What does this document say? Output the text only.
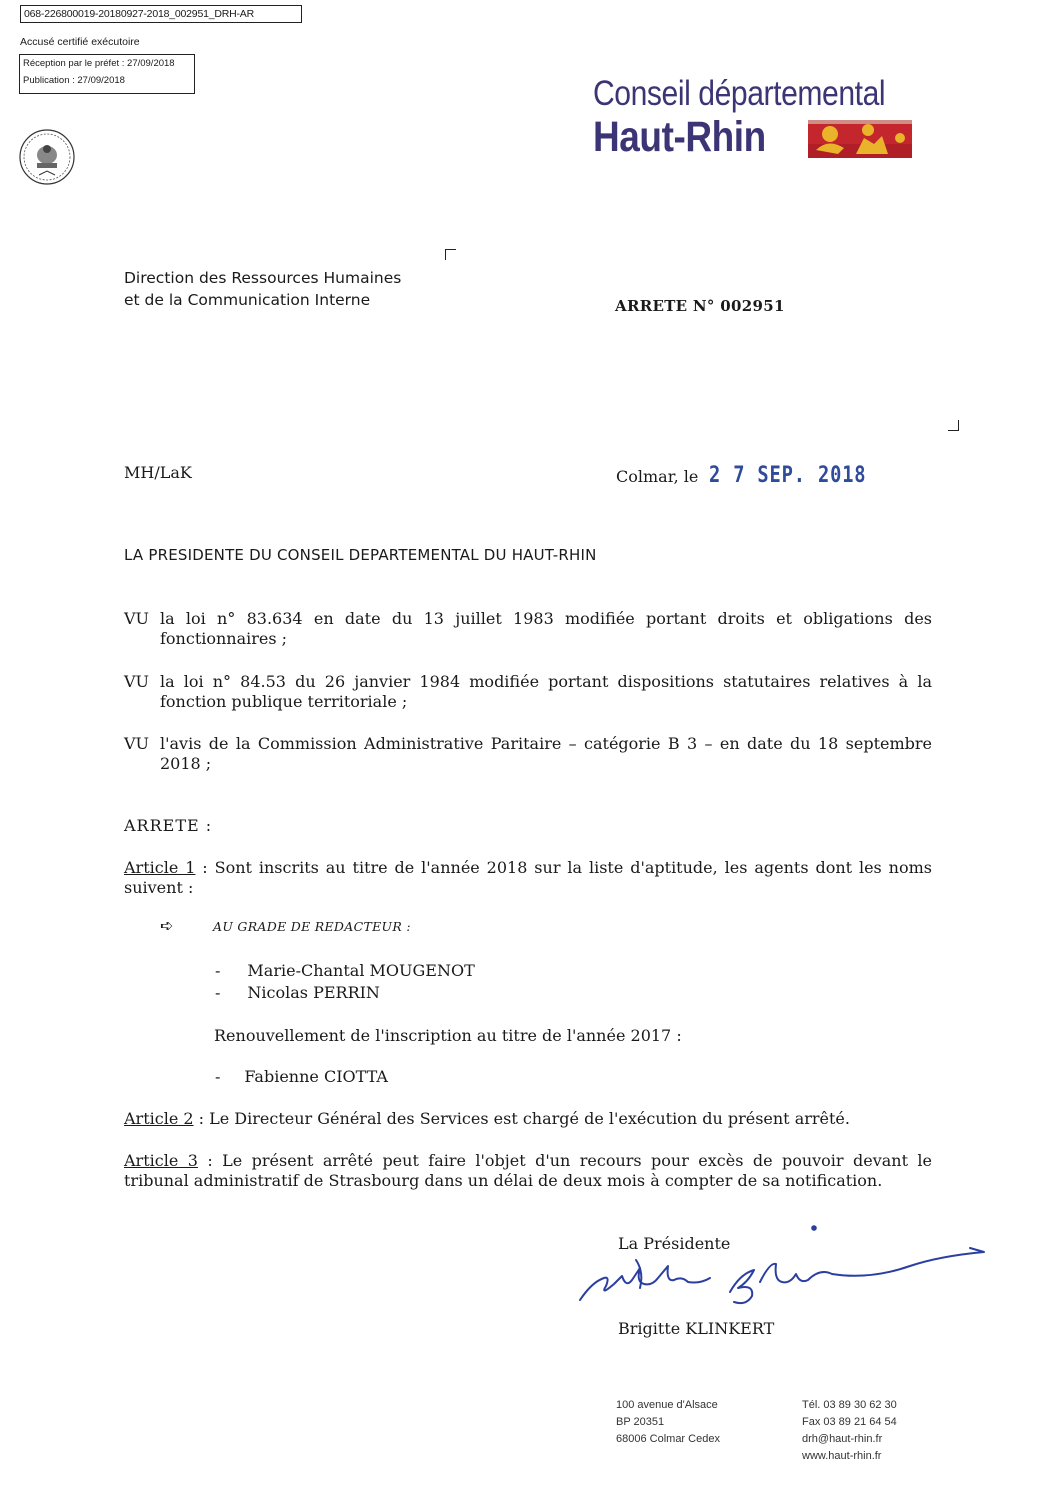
068-226800019-20180927-2018_002951_DRH-AR
Accusé certifié exécutoire
Réception par le préfet : 27/09/2018
Publication : 27/09/2018	Conseil départemental
Haut-Rhin
Direction des Ressources Humaines
et de la Communication Interne	ARRETE N° 002951
MH/LaK	Colmar, le 2 7 SEP. 2018
LA PRESIDENTE DU CONSEIL DEPARTEMENTAL DU HAUT-RHIN
VU la loi n° 83.634 en date du 13 juillet 1983 modifiée portant droits et obligations des fonctionnaires ;
VU la loi n° 84.53 du 26 janvier 1984 modifiée portant dispositions statutaires relatives à la fonction publique territoriale ;
VU l'avis de la Commission Administrative Paritaire – catégorie B 3 – en date du 18 septembre 2018 ;
ARRETE :
Article 1 : Sont inscrits au titre de l'année 2018 sur la liste d'aptitude, les agents dont les noms suivent :
➪	AU GRADE DE REDACTEUR :
- Marie-Chantal MOUGENOT
- Nicolas PERRIN
Renouvellement de l'inscription au titre de l'année 2017 :
- Fabienne CIOTTA
Article 2 : Le Directeur Général des Services est chargé de l'exécution du présent arrêté.
Article 3 : Le présent arrêté peut faire l'objet d'un recours pour excès de pouvoir devant le tribunal administratif de Strasbourg dans un délai de deux mois à compter de sa notification.
La Présidente
Brigitte KLINKERT
100 avenue d'Alsace
BP 20351
68006 Colmar Cedex
Tél. 03 89 30 62 30
Fax 03 89 21 64 54
drh@haut-rhin.fr
www.haut-rhin.fr
